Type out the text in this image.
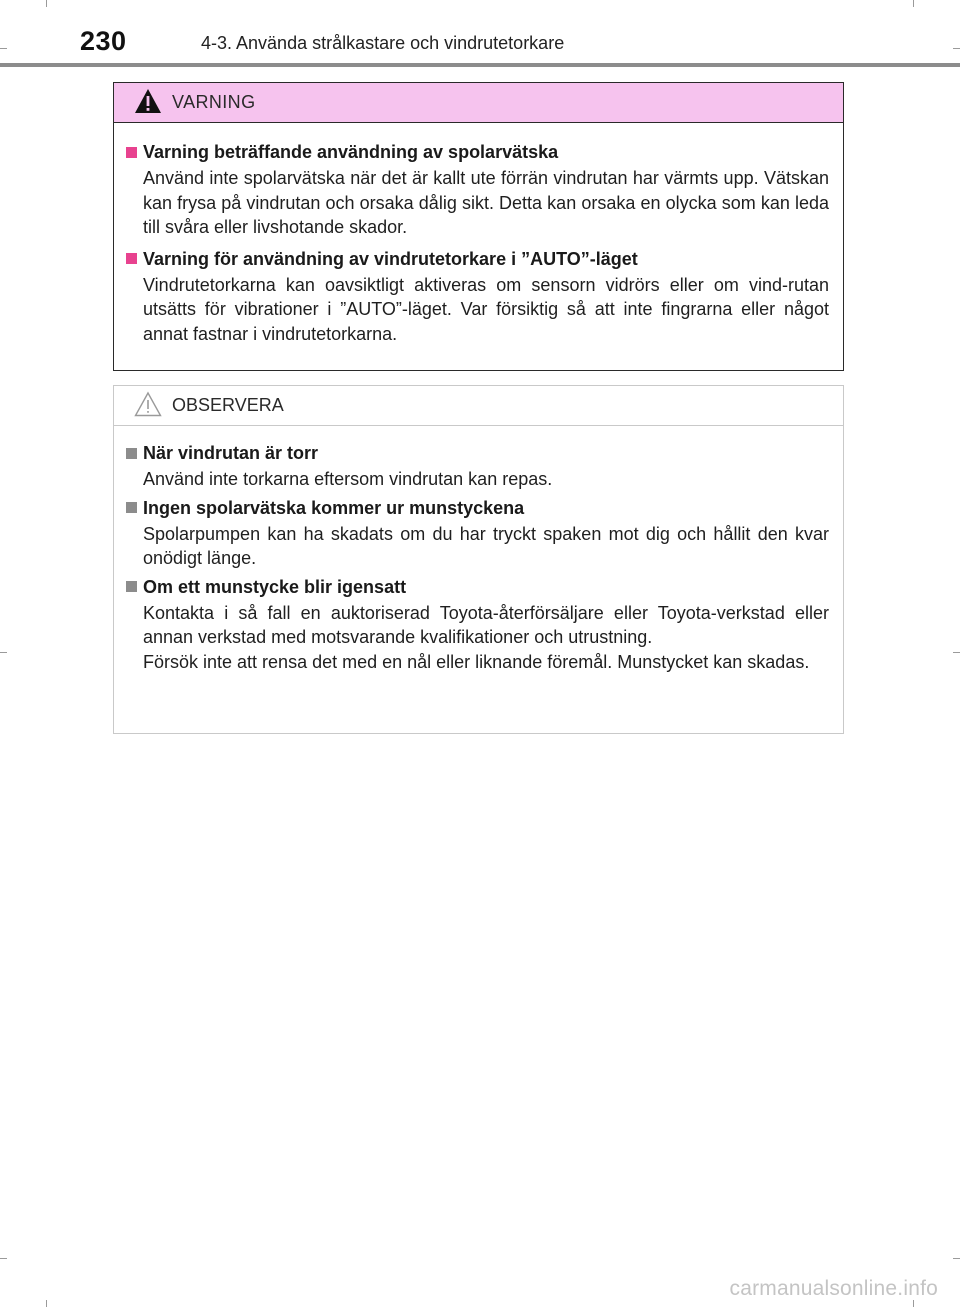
230	4-3. Använda strålkastare och vindrutetorkare
VARNING
Varning beträffande användning av spolarvätska
Använd inte spolarvätska när det är kallt ute förrän vindrutan har värmts upp. Vätskan kan frysa på vindrutan och orsaka dålig sikt. Detta kan orsaka en olycka som kan leda till svåra eller livshotande skador.
Varning för användning av vindrutetorkare i ”AUTO”-läget
Vindrutetorkarna kan oavsiktligt aktiveras om sensorn vidrörs eller om vind-rutan utsätts för vibrationer i ”AUTO”-läget. Var försiktig så att inte fingrarna eller något annat fastnar i vindrutetorkarna.
OBSERVERA
När vindrutan är torr
Använd inte torkarna eftersom vindrutan kan repas.
Ingen spolarvätska kommer ur munstyckena
Spolarpumpen kan ha skadats om du har tryckt spaken mot dig och hållit den kvar onödigt länge.
Om ett munstycke blir igensatt
Kontakta i så fall en auktoriserad Toyota-återförsäljare eller Toyota-verkstad eller annan verkstad med motsvarande kvalifikationer och utrustning.
Försök inte att rensa det med en nål eller liknande föremål. Munstycket kan skadas.
carmanualsonline.info
